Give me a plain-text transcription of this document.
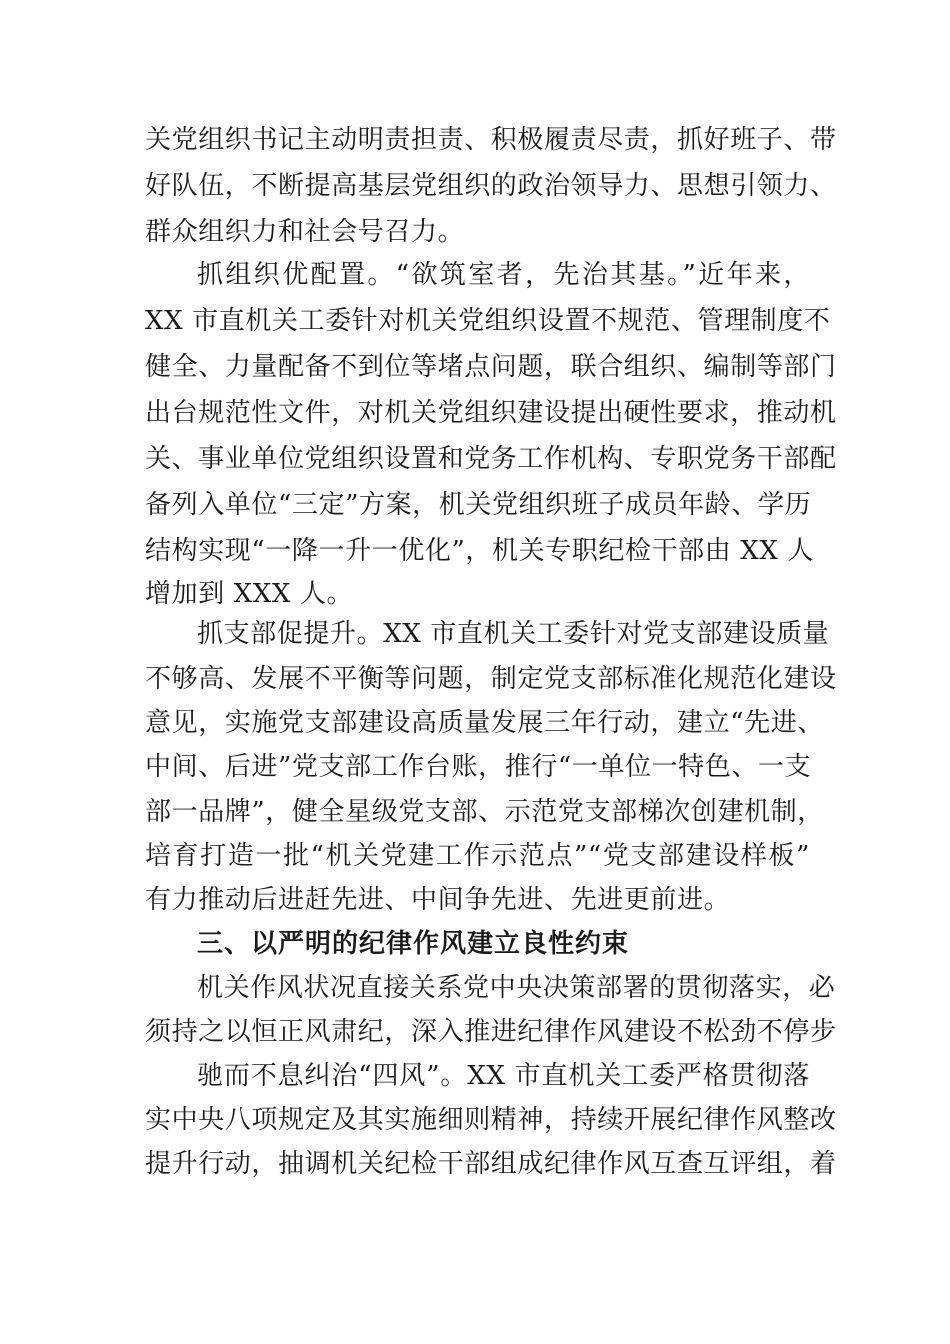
关党组织书记主动明责担责、积极履责尽责，抓好班子、带
好队伍，不断提高基层党组织的政治领导力、思想引领力、
群众组织力和社会号召力。
抓组织优配置。“欲筑室者，先治其基。”近年来，
XX 市直机关工委针对机关党组织设置不规范、管理制度不
健全、力量配备不到位等堵点问题，联合组织、编制等部门
出台规范性文件，对机关党组织建设提出硬性要求，推动机
关、事业单位党组织设置和党务工作机构、专职党务干部配
备列入单位“三定”方案，机关党组织班子成员年龄、学历
结构实现“一降一升一优化”，机关专职纪检干部由 XX 人
增加到 XXX 人。
抓支部促提升。XX 市直机关工委针对党支部建设质量
不够高、发展不平衡等问题，制定党支部标准化规范化建设
意见，实施党支部建设高质量发展三年行动，建立“先进、
中间、后进”党支部工作台账，推行“一单位一特色、一支
部一品牌”，健全星级党支部、示范党支部梯次创建机制，
培育打造一批“机关党建工作示范点”“党支部建设样板”
有力推动后进赶先进、中间争先进、先进更前进。
三、以严明的纪律作风建立良性约束
机关作风状况直接关系党中央决策部署的贯彻落实，必
须持之以恒正风肃纪，深入推进纪律作风建设不松劲不停步
驰而不息纠治“四风”。XX 市直机关工委严格贯彻落
实中央八项规定及其实施细则精神，持续开展纪律作风整改
提升行动，抽调机关纪检干部组成纪律作风互查互评组，着
